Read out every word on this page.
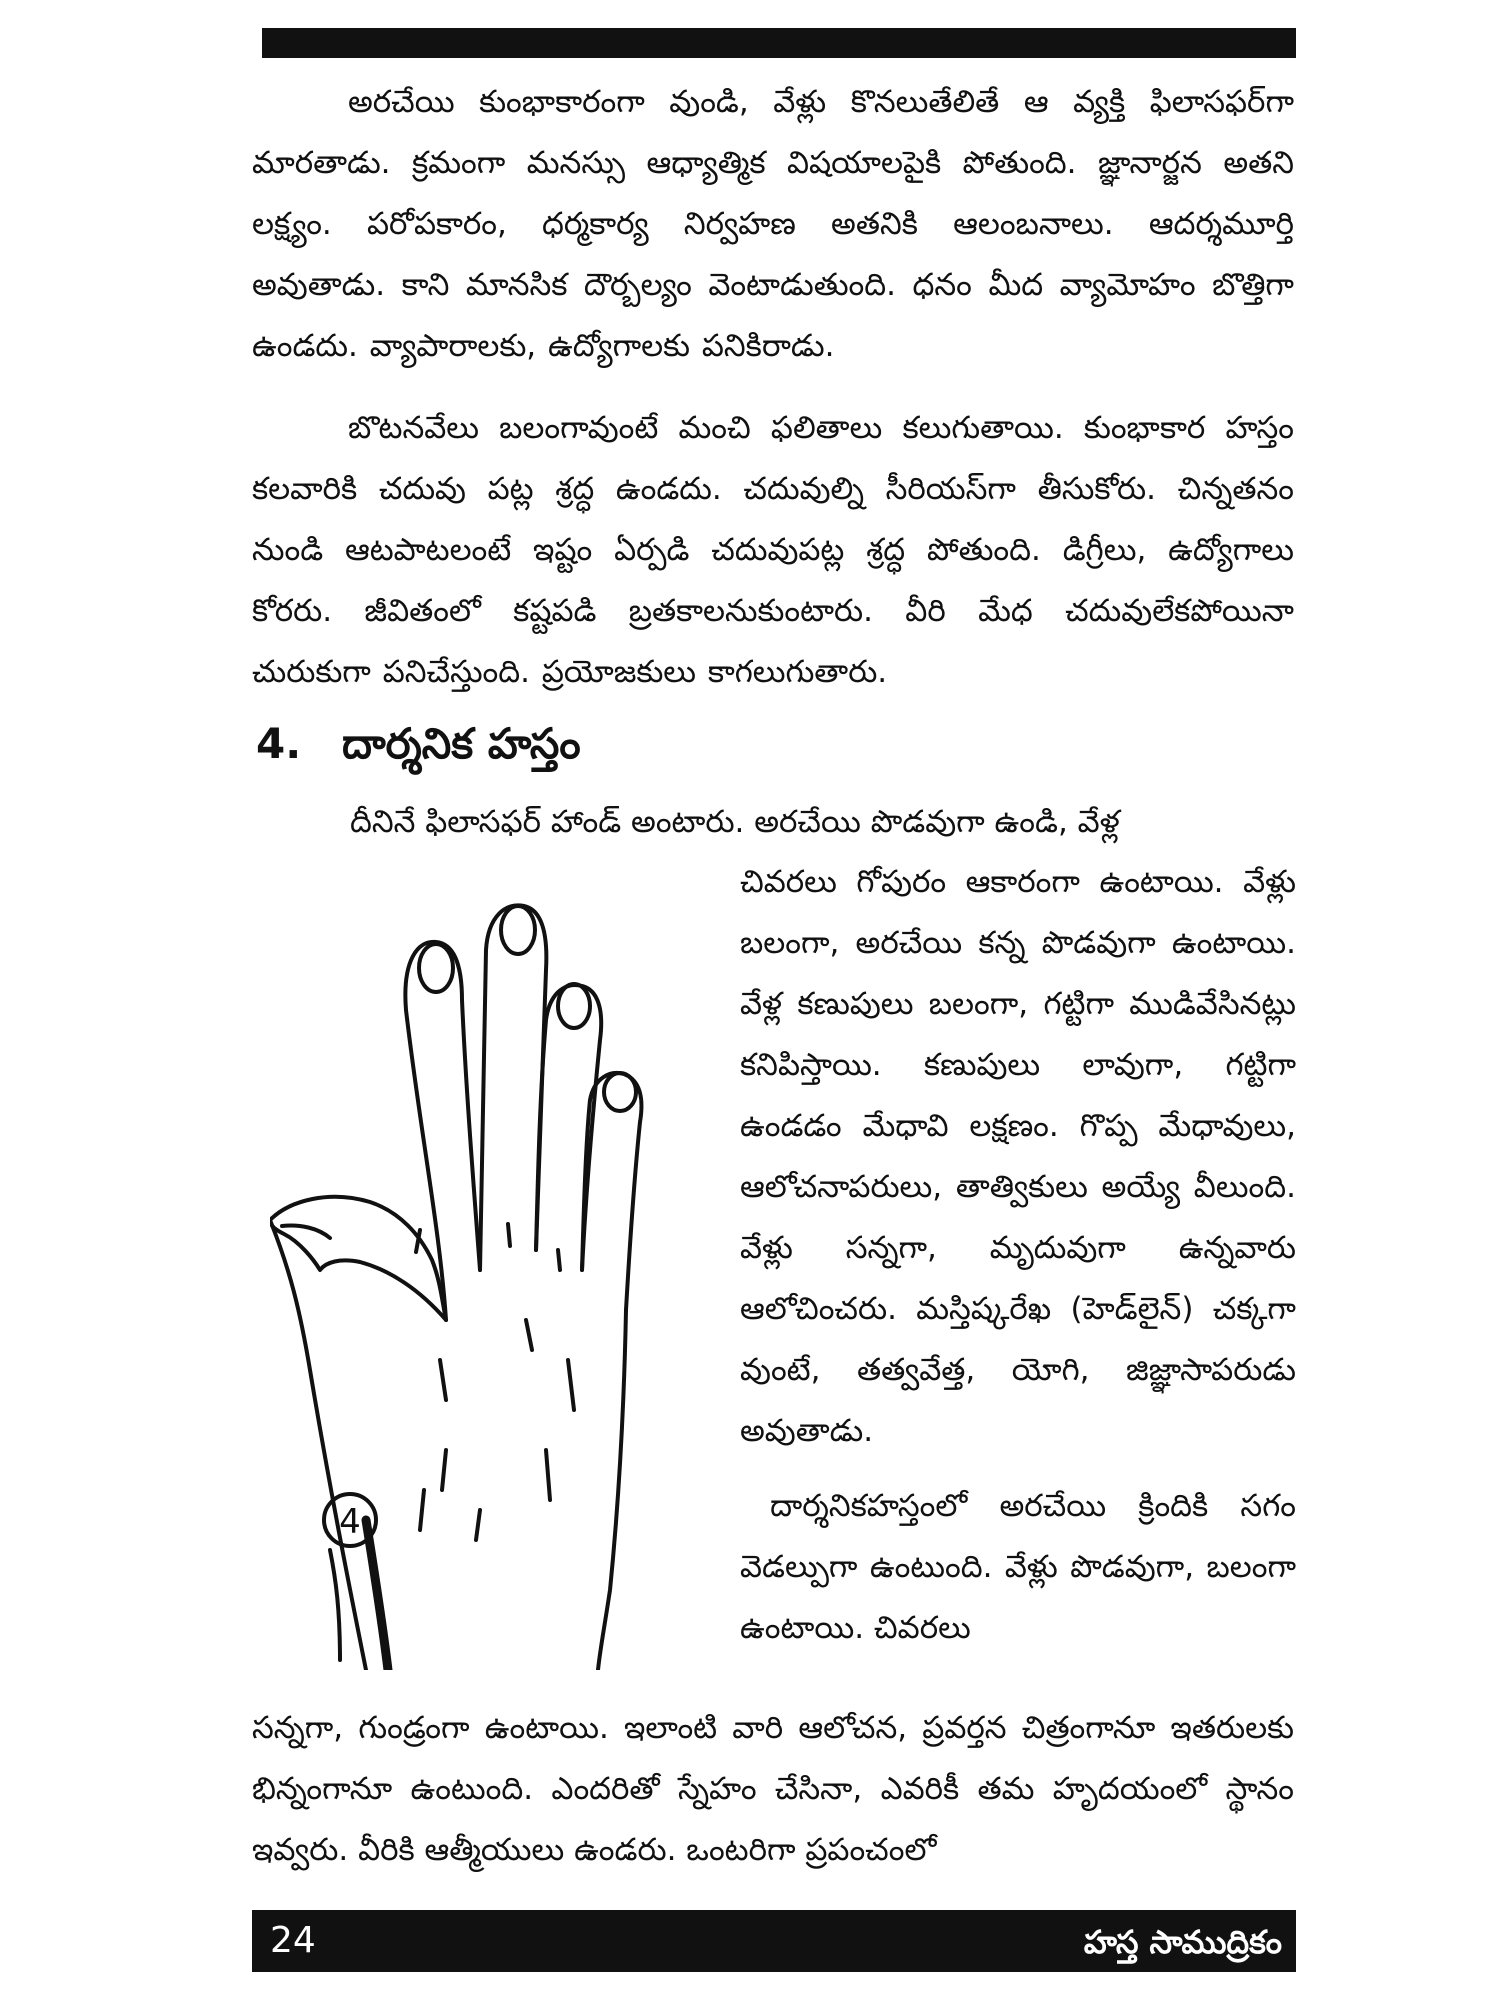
అరచేయి కుంభాకారంగా వుండి, వేళ్లు కొనలుతేలితే ఆ వ్యక్తి ఫిలాసఫర్‌గా మారతాడు. క్రమంగా మనస్సు ఆధ్యాత్మిక విషయాలపైకి పోతుంది. జ్ఞానార్జన అతని లక్ష్యం. పరోపకారం, ధర్మకార్య నిర్వహణ అతనికి ఆలంబనాలు. ఆదర్శమూర్తి అవుతాడు. కాని మానసిక దౌర్బల్యం వెంటాడుతుంది. ధనం మీద వ్యామోహం బొత్తిగా ఉండదు. వ్యాపారాలకు, ఉద్యోగాలకు పనికిరాడు.

బొటనవేలు బలంగావుంటే మంచి ఫలితాలు కలుగుతాయి. కుంభాకార హస్తం కలవారికి చదువు పట్ల శ్రద్ధ ఉండదు. చదువుల్ని సీరియస్‌గా తీసుకోరు. చిన్నతనం నుండి ఆటపాటలంటే ఇష్టం ఏర్పడి చదువుపట్ల శ్రద్ధ పోతుంది. డిగ్రీలు, ఉద్యోగాలు కోరరు. జీవితంలో కష్టపడి బ్రతకాలనుకుంటారు. వీరి మేధ చదువులేకపోయినా చురుకుగా పనిచేస్తుంది. ప్రయోజకులు కాగలుగుతారు.

4. దార్శనిక హస్తం
దీనినే ఫిలాసఫర్ హాండ్ అంటారు. అరచేయి పొడవుగా ఉండి, వేళ్ల

చివరలు గోపురం ఆకారంగా ఉంటాయి. వేళ్లు బలంగా, అరచేయి కన్న పొడవుగా ఉంటాయి. వేళ్ల కణుపులు బలంగా, గట్టిగా ముడివేసినట్లు కనిపిస్తాయి. కణుపులు లావుగా, గట్టిగా ఉండడం మేధావి లక్షణం. గొప్ప మేధావులు, ఆలోచనాపరులు, తాత్వికులు అయ్యే వీలుంది. వేళ్లు సన్నగా, మృదువుగా ఉన్నవారు ఆలోచించరు. మస్తిష్కరేఖ (హెడ్‌లైన్) చక్కగా వుంటే, తత్వవేత్త, యోగి, జిజ్ఞాసాపరుడు అవుతాడు.

దార్శనికహస్తంలో అరచేయి క్రిందికి సగం వెడల్పుగా ఉంటుంది. వేళ్లు పొడవుగా, బలంగా ఉంటాయి. చివరలు

4

సన్నగా, గుండ్రంగా ఉంటాయి. ఇలాంటి వారి ఆలోచన, ప్రవర్తన చిత్రంగానూ ఇతరులకు భిన్నంగానూ ఉంటుంది. ఎందరితో స్నేహం చేసినా, ఎవరికీ తమ హృదయంలో స్థానం ఇవ్వరు. వీరికి ఆత్మీయులు ఉండరు. ఒంటరిగా ప్రపంచంలో

24	హస్త సాముద్రికం
